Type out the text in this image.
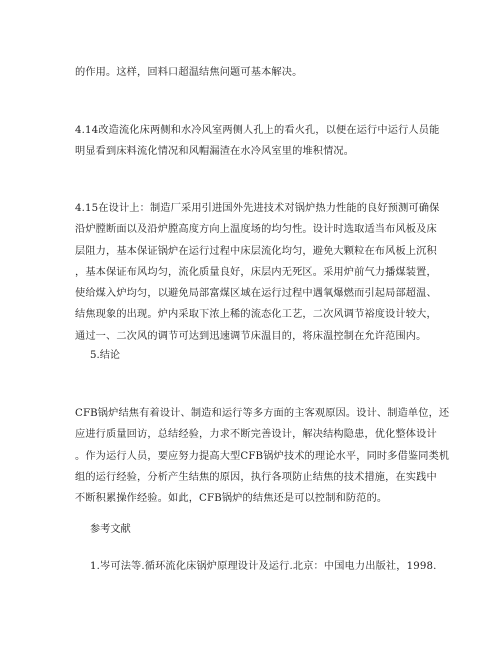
的作用。这样，回料口超温结焦问题可基本解决。

4.14改造流化床两侧和水冷风室两侧人孔上的看火孔，以便在运行中运行人员能
明显看到床料流化情况和风帽漏渣在水冷风室里的堆积情况。

4.15在设计上：制造厂采用引进国外先进技术对锅炉热力性能的良好预测可确保
沿炉膛断面以及沿炉膛高度方向上温度场的均匀性。设计时选取适当布风板及床
层阻力，基本保证锅炉在运行过程中床层流化均匀，避免大颗粒在布风板上沉积
，基本保证布风均匀，流化质量良好，床层内无死区。采用炉前气力播煤装置，
使给煤入炉均匀，以避免局部富煤区域在运行过程中遇氧爆燃而引起局部超温、
结焦现象的出现。炉内采取下浓上稀的流态化工艺，二次风调节裕度设计较大，
通过一、二次风的调节可达到迅速调节床温目的，将床温控制在允许范围内。

5.结论

CFB锅炉结焦有着设计、制造和运行等多方面的主客观原因。设计、制造单位，还
应进行质量回访，总结经验，力求不断完善设计，解决结构隐患，优化整体设计
。作为运行人员，要应努力提高大型CFB锅炉技术的理论水平，同时多借鉴同类机
组的运行经验，分析产生结焦的原因，执行各项防止结焦的技术措施，在实践中
不断积累操作经验。如此，CFB锅炉的结焦还是可以控制和防范的。

参考文献

1.岑可法等.循环流化床锅炉原理设计及运行.北京：中国电力出版社，1998.
